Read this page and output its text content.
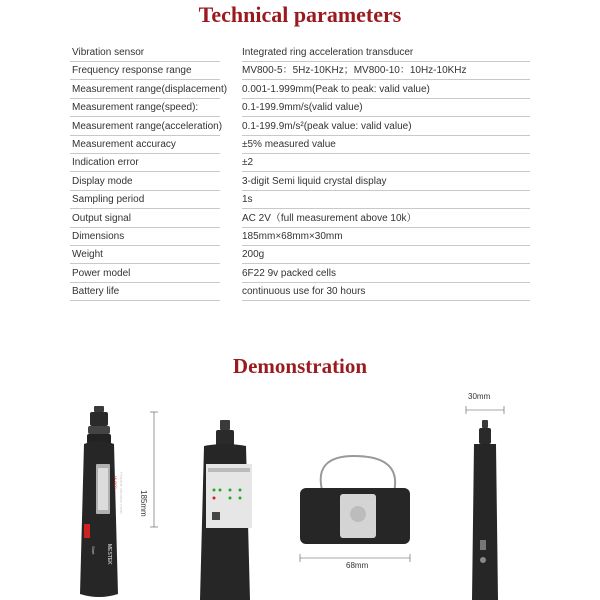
Technical parameters
Vibration sensor	Integrated ring acceleration transducer
Frequency response range	MV800-5：5Hz-10KHz；MV800-10：10Hz-10KHz
Measurement range(displacement) 0.001-1.999mm(Peak to peak: valid value)
Measurement range(speed):	0.1-199.9mm/s(valid value)
Measurement range(acceleration) 0.1-199.9m/s²(peak value: valid value)
Measurement accuracy	±5% measured value
Indication error	±2
Display mode	3-digit Semi liquid crystal display
Sampling period	1s
Output signal	AC 2V（full measurement above 10k）
Dimensions	185mm×68mm×30mm
Weight	200g
Power model	6F22 9v packed cells
Battery life	continuous use for 30 hours
Demonstration
MV800 Portable vibration meter
Start MESTEK
185mm
68mm
30mm
